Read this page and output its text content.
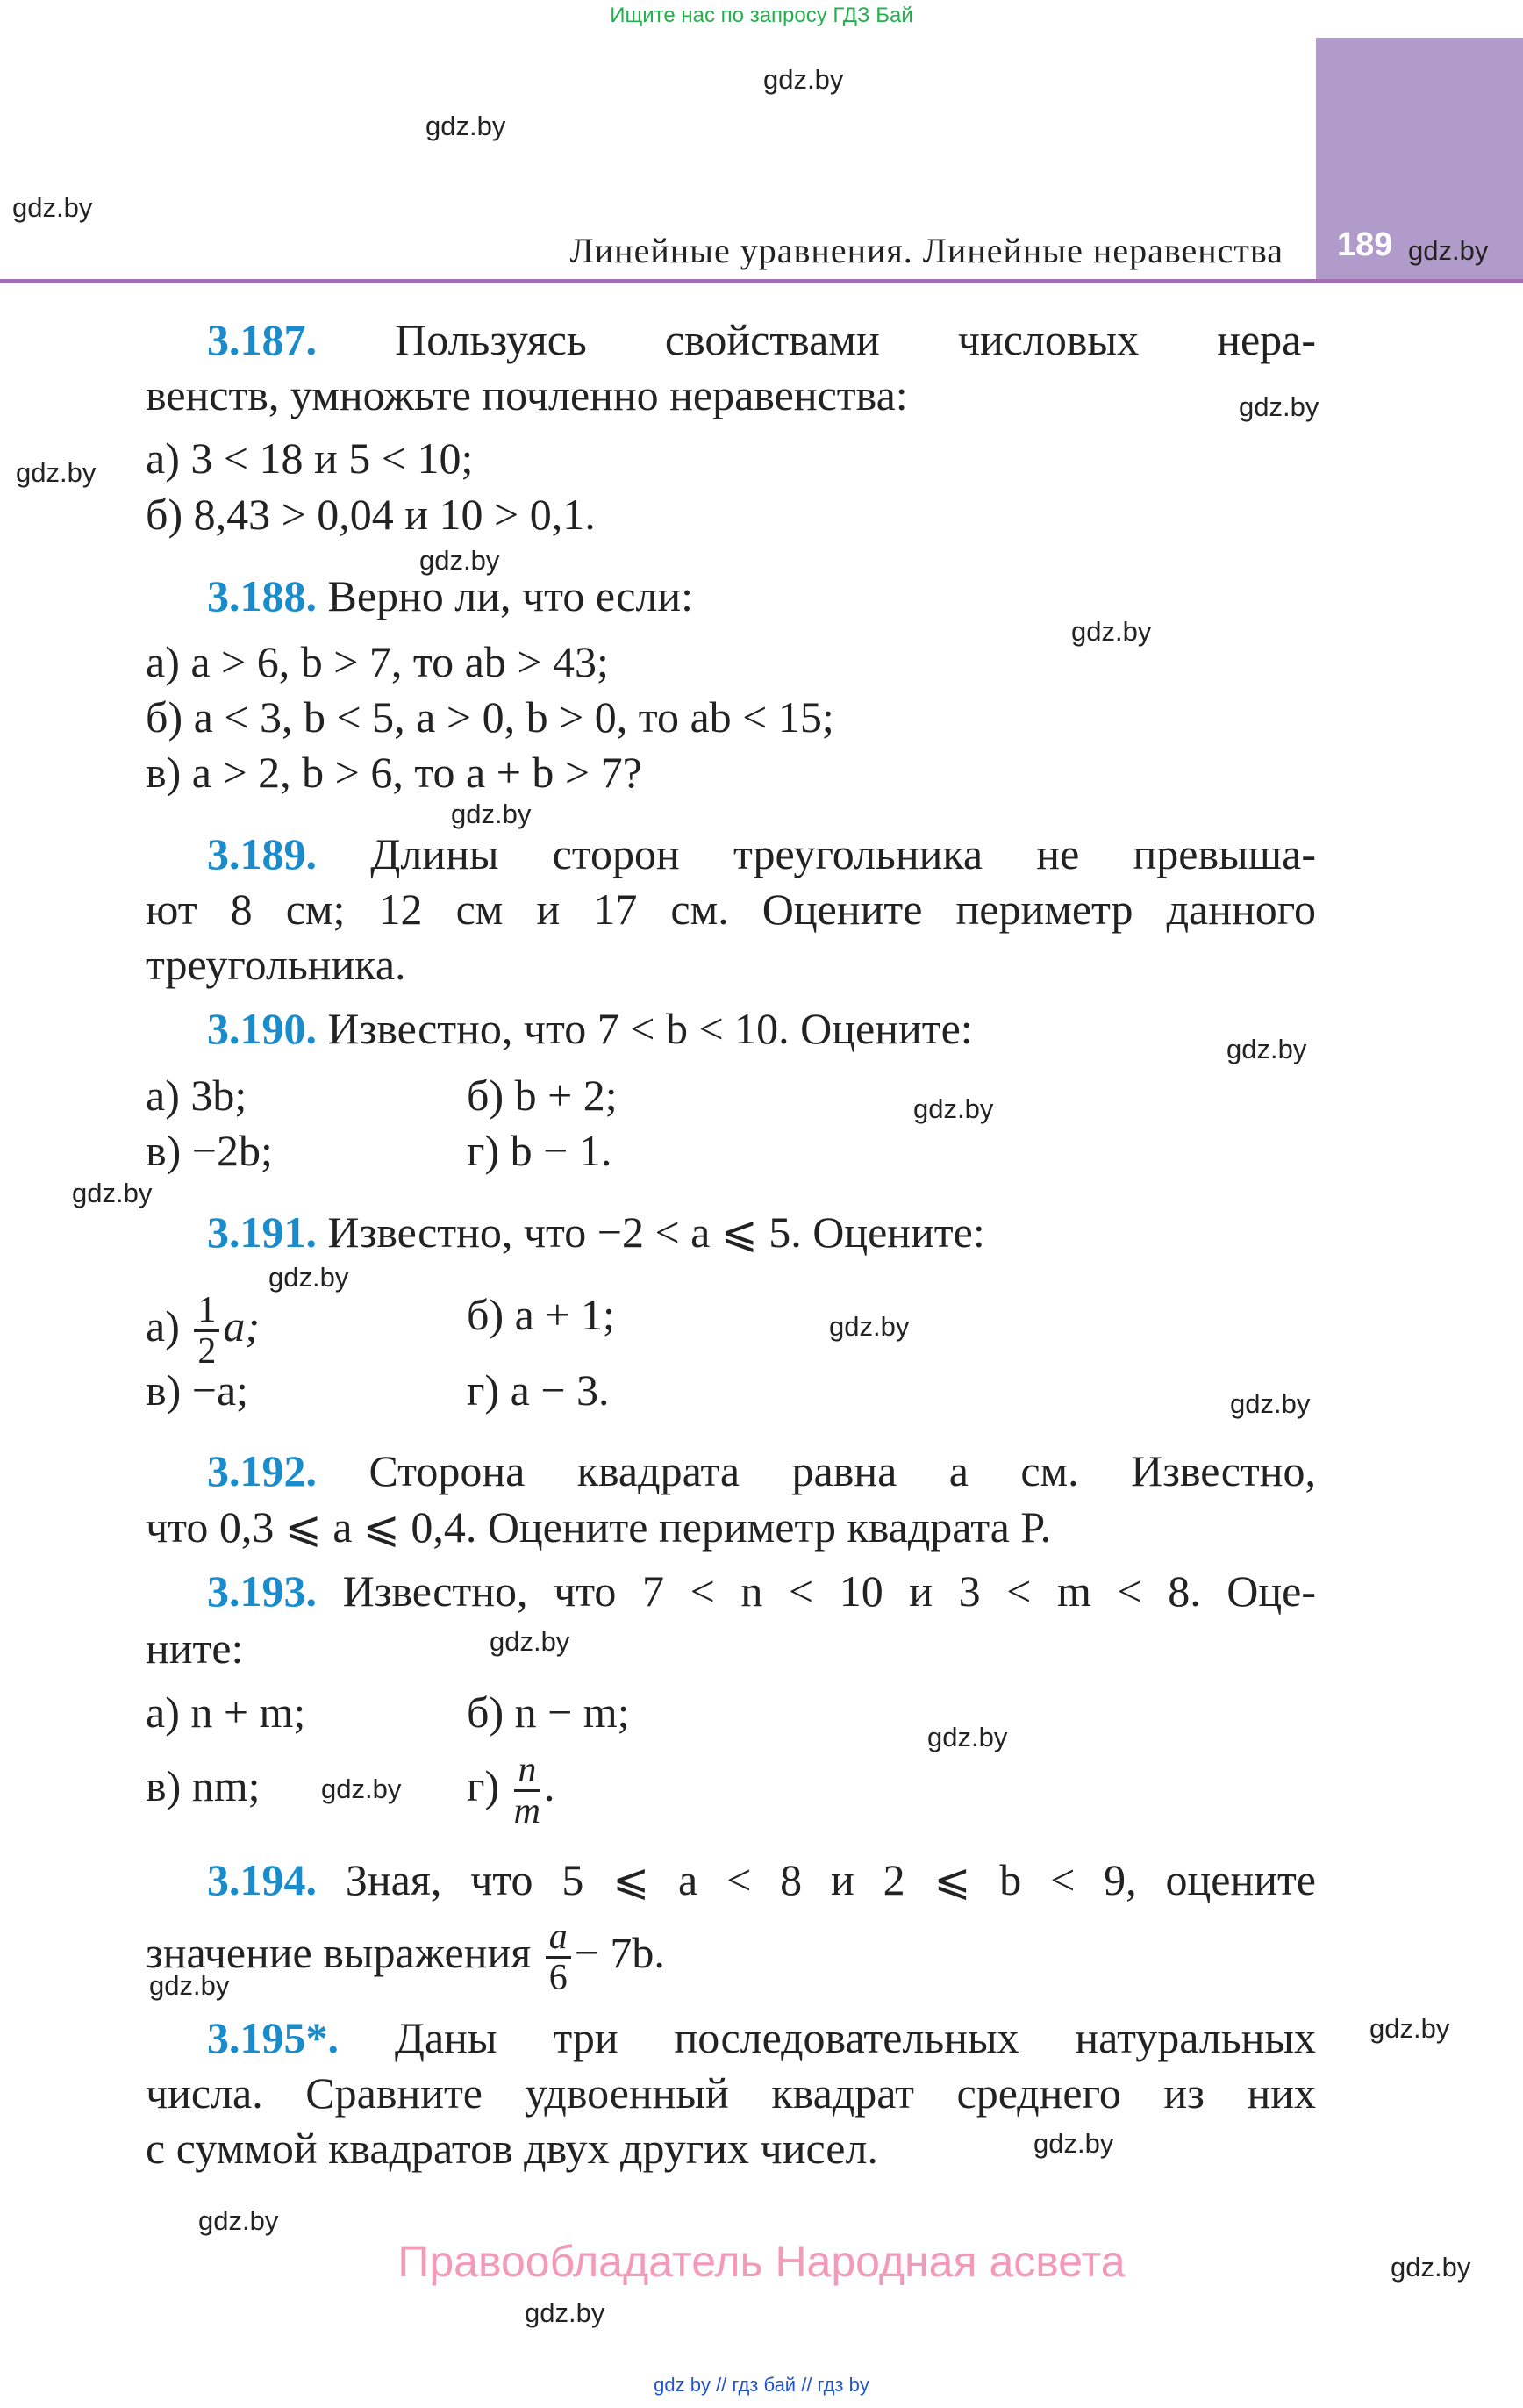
Ищите нас по запросу ГДЗ Бай
189
Линейные уравнения. Линейные неравенства
3.187. Пользуясь свойствами числовых нера-
венств, умножьте почленно неравенства:
а) 3 < 18 и 5 < 10;
б) 8,43 > 0,04 и 10 > 0,1.
3.188. Верно ли, что если:
а) a > 6, b > 7, то ab > 43;
б) a < 3, b < 5, a > 0, b > 0, то ab < 15;
в) a > 2, b > 6, то a + b > 7?
3.189. Длины сторон треугольника не превыша-
ют 8 см; 12 см и 17 см. Оцените периметр данного
треугольника.
3.190. Известно, что 7 < b < 10. Оцените:
а) 3b;	б) b + 2;
в) −2b;	г) b − 1.
3.191. Известно, что −2 < a ⩽ 5. Оцените:
$а) \frac{1}{2} a$;	б) a + 1;
в) −a;	г) a − 3.
3.192. Сторона квадрата равна a см. Известно,
что 0,3 ⩽ a ⩽ 0,4. Оцените периметр квадрата P.
3.193. Известно, что 7 < n < 10 и 3 < m < 8. Оце-
ните:
а) n + m;	б) n − m;
в) nm;	$г) \frac{n}{m}$ .
3.194. Зная, что 5 ⩽ a < 8 и 2 ⩽ b < 9, оцените
значение выражения $\frac{a}{6} - 7b$.
3.195*. Даны три последовательных натуральных
числа. Сравните удвоенный квадрат среднего из них
с суммой квадратов двух других чисел.
gdz.by
gdz.by
gdz.by
gdz.by
gdz.by
gdz.by
gdz.by
gdz.by
gdz.by
gdz.by
gdz.by
gdz.by
gdz.by
gdz.by
gdz.by
gdz.by
gdz.by
gdz.by
gdz.by
gdz.by
gdz.by
gdz.by
gdz.by
gdz.by
Правообладатель Народная асвета
gdz by // гдз бай // гдз by
